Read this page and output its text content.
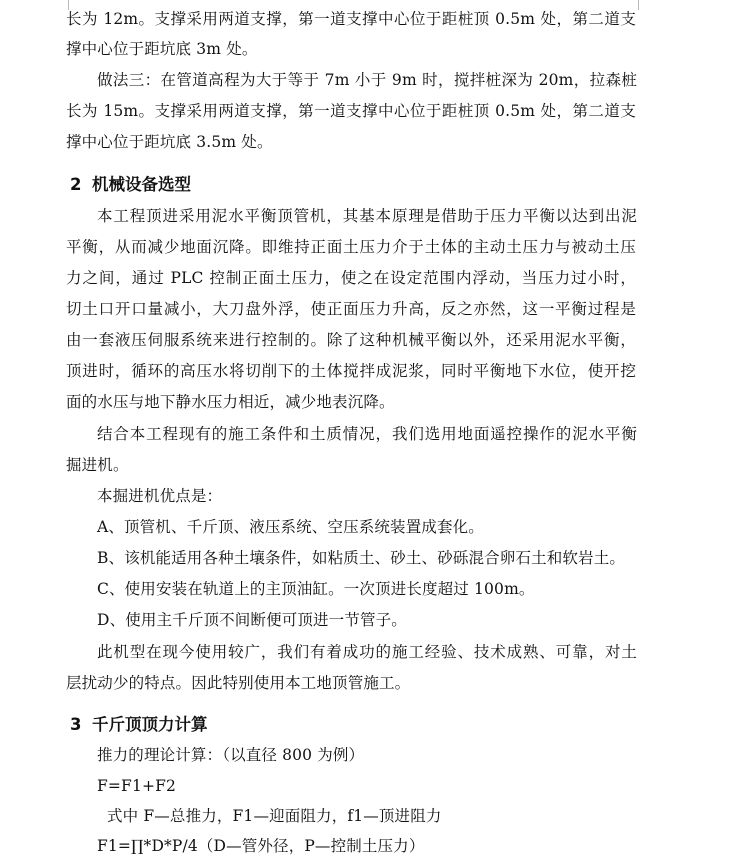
长为 12m。支撑采用两道支撑，第一道支撑中心位于距桩顶 0.5m 处，第二道支
撑中心位于距坑底 3m 处。
做法三：在管道高程为大于等于 7m 小于 9m 时，搅拌桩深为 20m，拉森桩
长为 15m。支撑采用两道支撑，第一道支撑中心位于距桩顶 0.5m 处，第二道支
撑中心位于距坑底 3.5m 处。
2 机械设备选型
本工程顶进采用泥水平衡顶管机，其基本原理是借助于压力平衡以达到出泥
平衡，从而减少地面沉降。即维持正面土压力介于土体的主动土压力与被动土压
力之间，通过 PLC 控制正面土压力，使之在设定范围内浮动，当压力过小时，
切土口开口量减小，大刀盘外浮，使正面压力升高，反之亦然，这一平衡过程是
由一套液压伺服系统来进行控制的。除了这种机械平衡以外，还采用泥水平衡，
顶进时，循环的高压水将切削下的土体搅拌成泥浆，同时平衡地下水位，使开挖
面的水压与地下静水压力相近，减少地表沉降。
结合本工程现有的施工条件和土质情况，我们选用地面遥控操作的泥水平衡
掘进机。
本掘进机优点是：
A、顶管机、千斤顶、液压系统、空压系统装置成套化。
B、该机能适用各种土壤条件，如粘质土、砂土、砂砾混合卵石土和软岩土。
C、使用安装在轨道上的主顶油缸。一次顶进长度超过 100m。
D、使用主千斤顶不间断便可顶进一节管子。
此机型在现今使用较广，我们有着成功的施工经验、技术成熟、可靠，对土
层扰动少的特点。因此特别使用本工地顶管施工。
3 千斤顶顶力计算
推力的理论计算：（以直径 800 为例）
F=F1+F2
式中 F—总推力，F1—迎面阻力，f1—顶进阻力
F1=∏*D*P/4（D—管外径，P—控制土压力）
